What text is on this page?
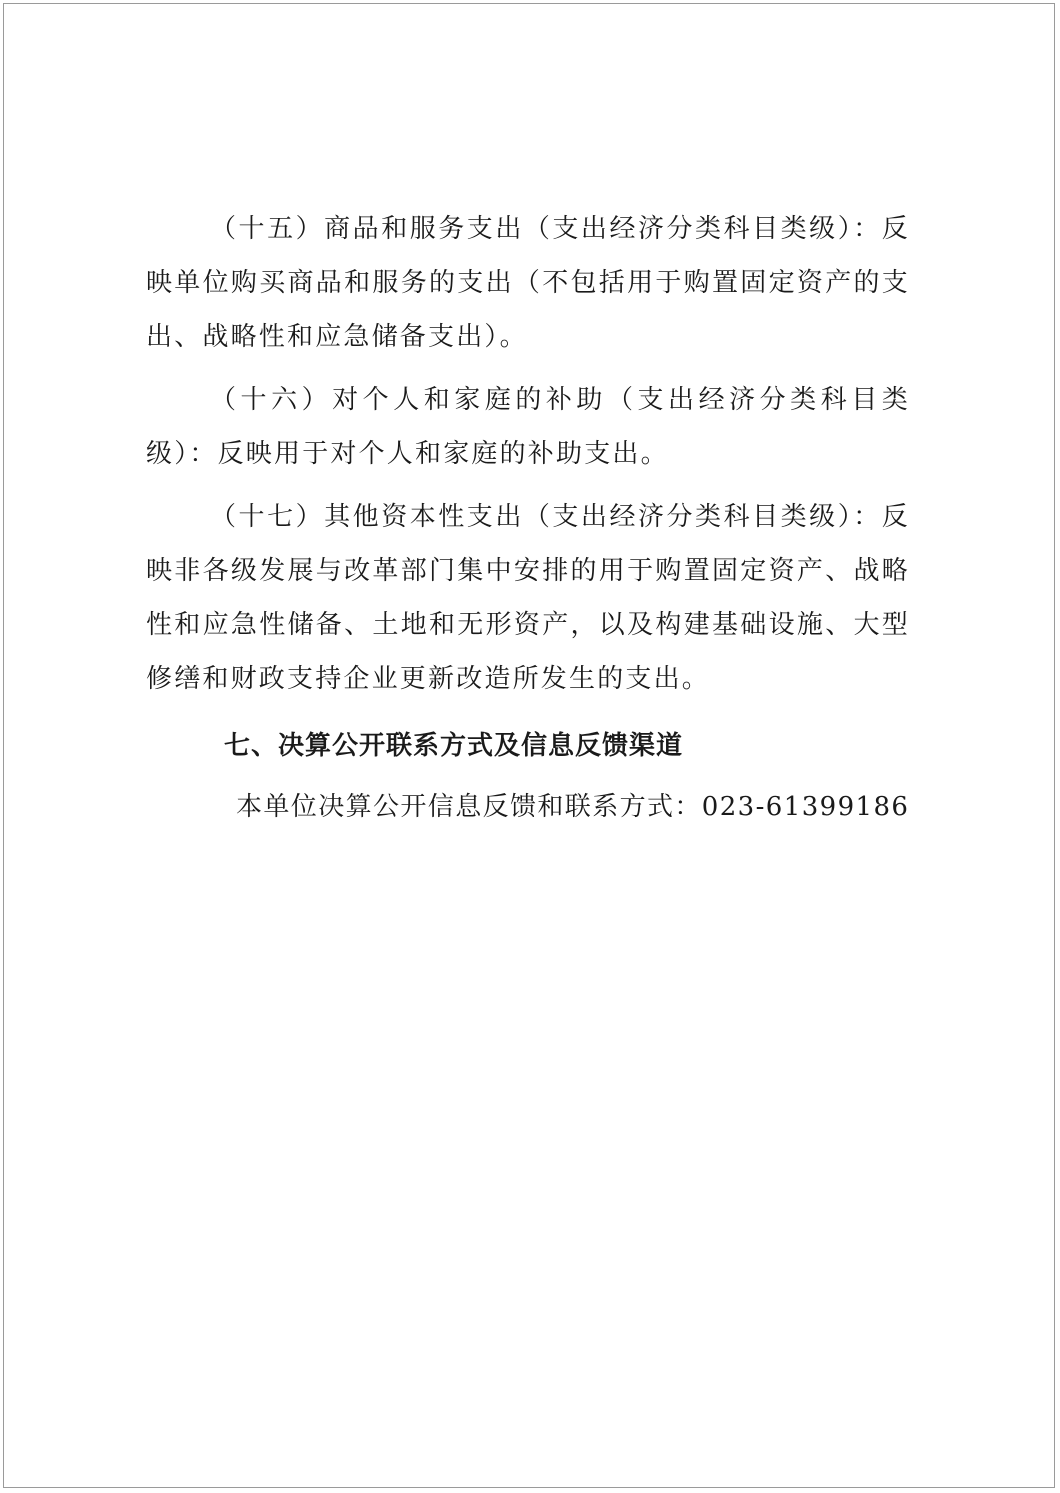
（十五）商品和服务支出（支出经济分类科目类级）：反映单位购买商品和服务的支出（不包括用于购置固定资产的支出、战略性和应急储备支出）。

（十六）对个人和家庭的补助（支出经济分类科目类级）：反映用于对个人和家庭的补助支出。

（十七）其他资本性支出（支出经济分类科目类级）：反映非各级发展与改革部门集中安排的用于购置固定资产、战略性和应急性储备、土地和无形资产，以及构建基础设施、大型修缮和财政支持企业更新改造所发生的支出。

七、决算公开联系方式及信息反馈渠道

本单位决算公开信息反馈和联系方式：023-61399186
